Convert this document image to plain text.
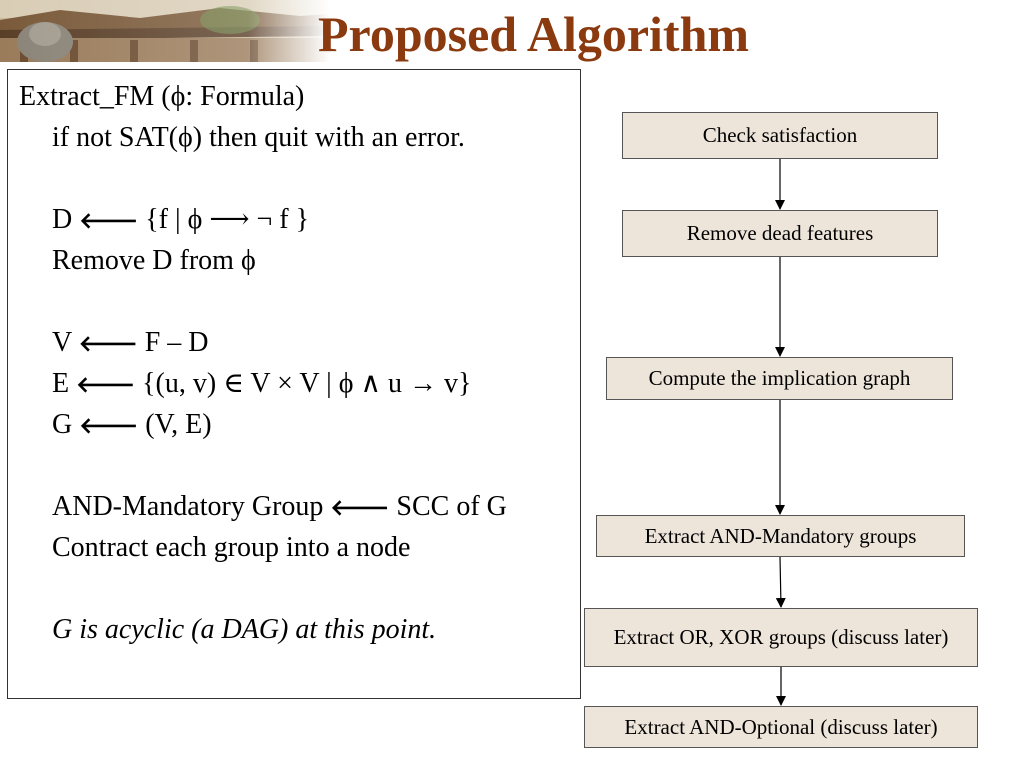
Proposed Algorithm
Extract_FM (ϕ: Formula)
if not SAT(ϕ) then quit with an error.
D 🡐 {f | ϕ ⟶ ¬ f }
Remove D from ϕ
V 🡐 F – D
E 🡐 {(u, v) ∈ V × V | ϕ ∧ u → v}
G 🡐 (V, E)
AND-Mandatory Group 🡐 SCC of G
Contract each group into a node
G is acyclic (a DAG) at this point.
Check satisfaction
Remove dead features
Compute the implication graph
Extract AND-Mandatory groups
Extract OR, XOR groups (discuss later)
Extract AND-Optional (discuss later)
